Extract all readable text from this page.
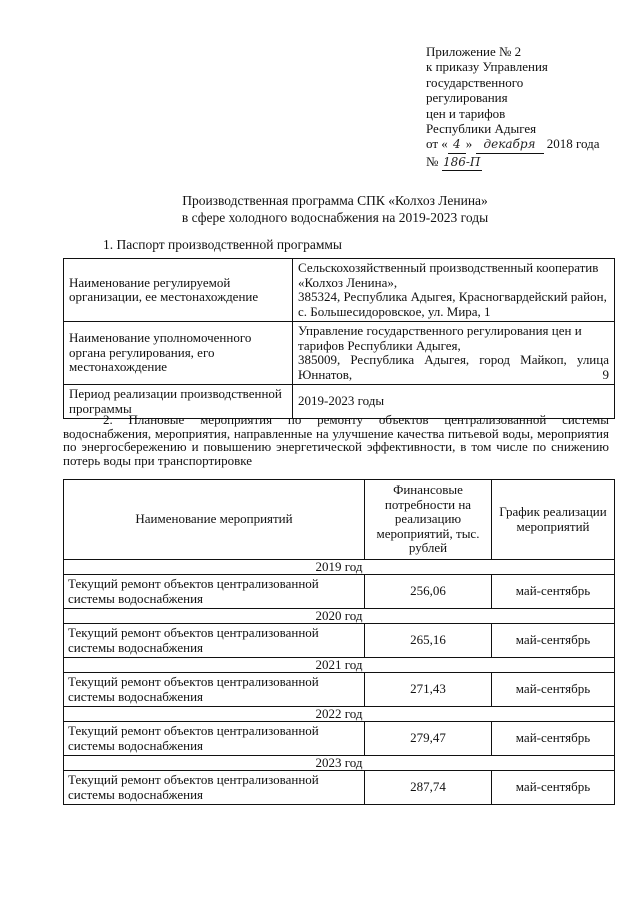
Приложение № 2
к приказу Управления
государственного
регулирования
цен и тарифов
Республики Адыгея
от « 4 » декабря 2018 года
№ 186-П
Производственная программа СПК «Колхоз Ленина»
в сфере холодного водоснабжения на 2019-2023 годы
1. Паспорт производственной программы
Наименование регулируемой организации, ее местонахождение	Сельскохозяйственный производственный кооператив «Колхоз Ленина»,
385324, Республика Адыгея, Красногвардейский район, с. Большесидоровское, ул. Мира, 1

Наименование уполномоченного органа регулирования, его местонахождение	Управление государственного регулирования цен и тарифов Республики Адыгея,
385009, Республика Адыгея, город Майкоп, улица Юннатов, 9

Период реализации производственной программы	2019-2023 годы
2. Плановые мероприятия по ремонту объектов централизованной системы водоснабжения, мероприятия, направленные на улучшение качества питьевой воды, мероприятия по энергосбережению и повышению энергетической эффективности, в том числе по снижению потерь воды при транспортировке
Наименование мероприятий	Финансовые потребности на реализацию мероприятий, тыс. рублей	График реализации мероприятий
2019 год		
Текущий ремонт объектов централизованной системы водоснабжения	256,06	май-сентябрь
2020 год		
Текущий ремонт объектов централизованной системы водоснабжения	265,16	май-сентябрь
2021 год		
Текущий ремонт объектов централизованной системы водоснабжения	271,43	май-сентябрь
2022 год		
Текущий ремонт объектов централизованной системы водоснабжения	279,47	май-сентябрь
2023 год		
Текущий ремонт объектов централизованной системы водоснабжения	287,74	май-сентябрь
